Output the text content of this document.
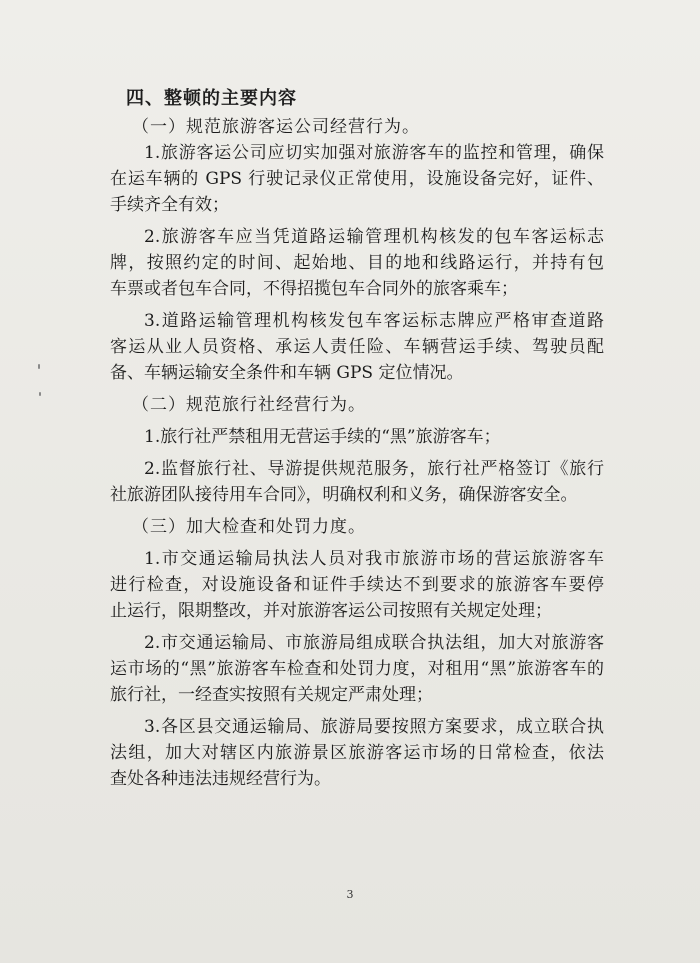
四、整顿的主要内容
（一）规范旅游客运公司经营行为。
1.旅游客运公司应切实加强对旅游客车的监控和管理，确保
在运车辆的 GPS 行驶记录仪正常使用，设施设备完好，证件、
手续齐全有效；
2.旅游客车应当凭道路运输管理机构核发的包车客运标志
牌，按照约定的时间、起始地、目的地和线路运行，并持有包
车票或者包车合同，不得招揽包车合同外的旅客乘车；
3.道路运输管理机构核发包车客运标志牌应严格审查道路
客运从业人员资格、承运人责任险、车辆营运手续、驾驶员配
备、车辆运输安全条件和车辆 GPS 定位情况。
（二）规范旅行社经营行为。
1.旅行社严禁租用无营运手续的“黑”旅游客车；
2.监督旅行社、导游提供规范服务，旅行社严格签订《旅行
社旅游团队接待用车合同》，明确权利和义务，确保游客安全。
（三）加大检查和处罚力度。
1.市交通运输局执法人员对我市旅游市场的营运旅游客车
进行检查，对设施设备和证件手续达不到要求的旅游客车要停
止运行，限期整改，并对旅游客运公司按照有关规定处理；
2.市交通运输局、市旅游局组成联合执法组，加大对旅游客
运市场的“黑”旅游客车检查和处罚力度，对租用“黑”旅游客车的
旅行社，一经查实按照有关规定严肃处理；
3.各区县交通运输局、旅游局要按照方案要求，成立联合执
法组，加大对辖区内旅游景区旅游客运市场的日常检查，依法
查处各种违法违规经营行为。
3
